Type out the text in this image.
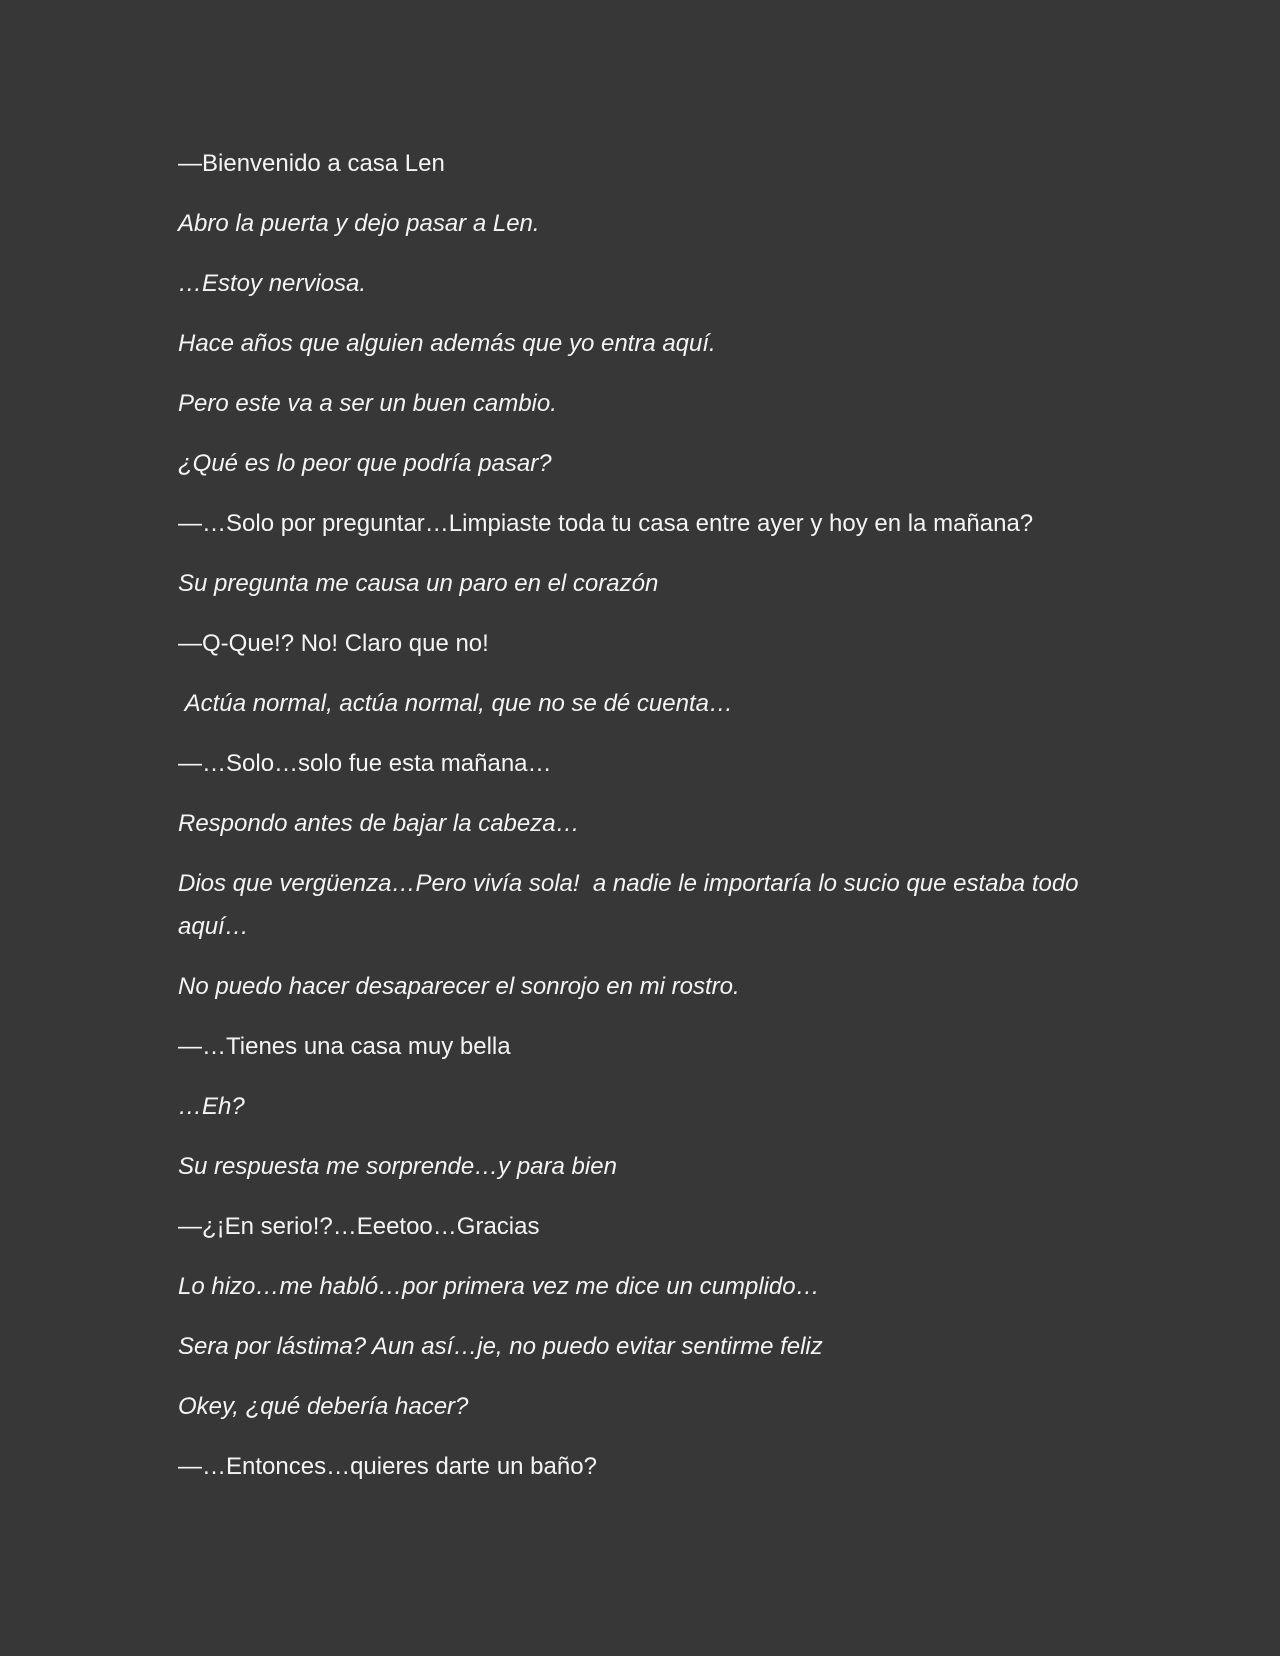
—Bienvenido a casa Len

Abro la puerta y dejo pasar a Len.

…Estoy nerviosa.

Hace años que alguien además que yo entra aquí.

Pero este va a ser un buen cambio.

¿Qué es lo peor que podría pasar?

—…Solo por preguntar…Limpiaste toda tu casa entre ayer y hoy en la mañana?

Su pregunta me causa un paro en el corazón

—Q-Que!? No! Claro que no!

Actúa normal, actúa normal, que no se dé cuenta…

—…Solo…solo fue esta mañana…

Respondo antes de bajar la cabeza…

Dios que vergüenza…Pero vivía sola!  a nadie le importaría lo sucio que estaba todo aquí…

No puedo hacer desaparecer el sonrojo en mi rostro.

—…Tienes una casa muy bella

…Eh?

Su respuesta me sorprende…y para bien

—¿¡En serio!?…Eeetoo…Gracias

Lo hizo…me habló…por primera vez me dice un cumplido…

Sera por lástima? Aun así…je, no puedo evitar sentirme feliz

Okey, ¿qué debería hacer?

—…Entonces…quieres darte un baño?
